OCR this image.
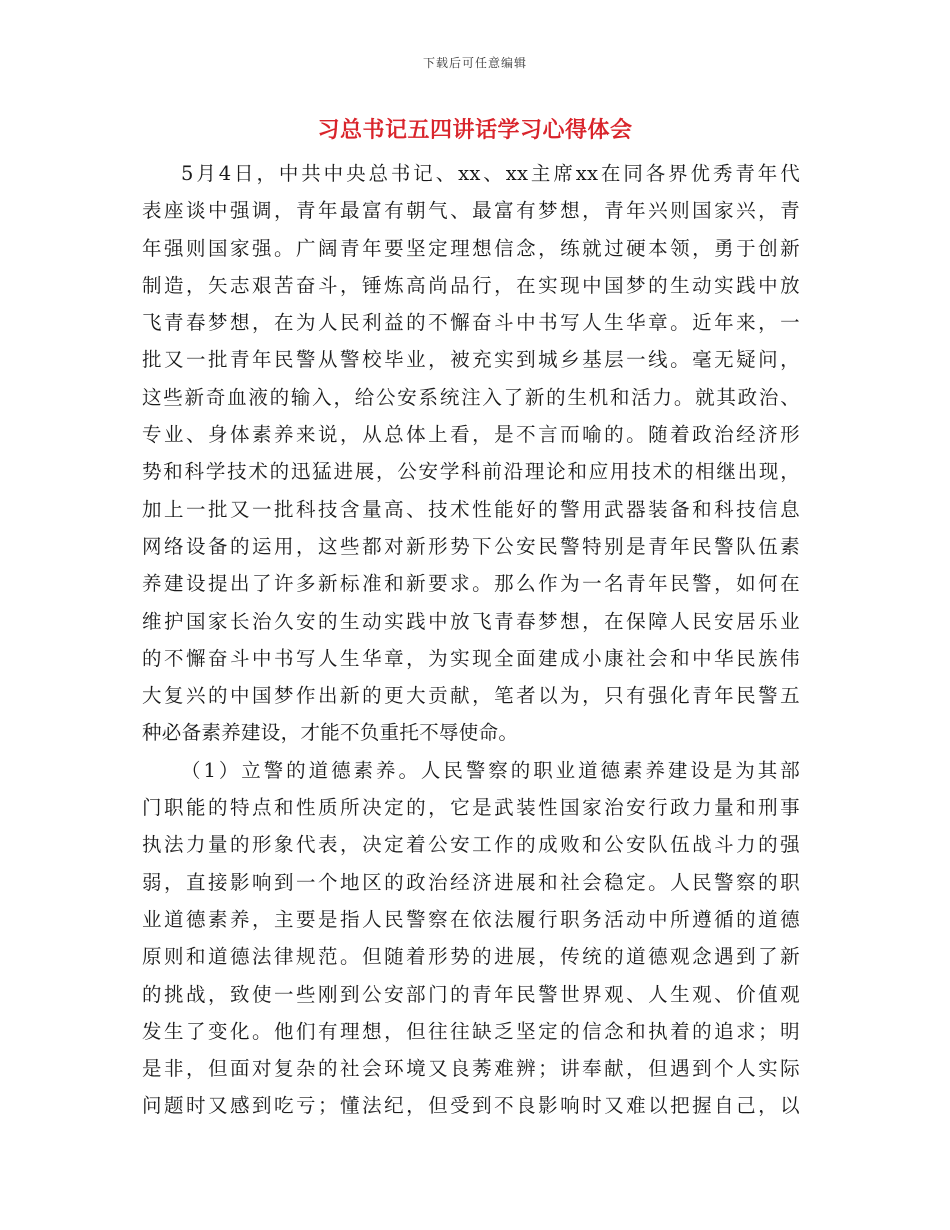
下载后可任意编辑
习总书记五四讲话学习心得体会
5月4日，中共中央总书记、xx、xx主席xx在同各界优秀青年代
表座谈中强调，青年最富有朝气、最富有梦想，青年兴则国家兴，青
年强则国家强。广阔青年要坚定理想信念，练就过硬本领，勇于创新
制造，矢志艰苦奋斗，锤炼高尚品行，在实现中国梦的生动实践中放
飞青春梦想，在为人民利益的不懈奋斗中书写人生华章。近年来，一
批又一批青年民警从警校毕业，被充实到城乡基层一线。毫无疑问，
这些新奇血液的输入，给公安系统注入了新的生机和活力。就其政治、
专业、身体素养来说，从总体上看，是不言而喻的。随着政治经济形
势和科学技术的迅猛进展，公安学科前沿理论和应用技术的相继出现，
加上一批又一批科技含量高、技术性能好的警用武器装备和科技信息
网络设备的运用，这些都对新形势下公安民警特别是青年民警队伍素
养建设提出了许多新标准和新要求。那么作为一名青年民警，如何在
维护国家长治久安的生动实践中放飞青春梦想，在保障人民安居乐业
的不懈奋斗中书写人生华章，为实现全面建成小康社会和中华民族伟
大复兴的中国梦作出新的更大贡献，笔者以为，只有强化青年民警五
种必备素养建设，才能不负重托不辱使命。
（1）立警的道德素养。人民警察的职业道德素养建设是为其部
门职能的特点和性质所决定的，它是武装性国家治安行政力量和刑事
执法力量的形象代表，决定着公安工作的成败和公安队伍战斗力的强
弱，直接影响到一个地区的政治经济进展和社会稳定。人民警察的职
业道德素养，主要是指人民警察在依法履行职务活动中所遵循的道德
原则和道德法律规范。但随着形势的进展，传统的道德观念遇到了新
的挑战，致使一些刚到公安部门的青年民警世界观、人生观、价值观
发生了变化。他们有理想，但往往缺乏坚定的信念和执着的追求；明
是非，但面对复杂的社会环境又良莠难辨；讲奉献，但遇到个人实际
问题时又感到吃亏；懂法纪，但受到不良影响时又难以把握自己，以
